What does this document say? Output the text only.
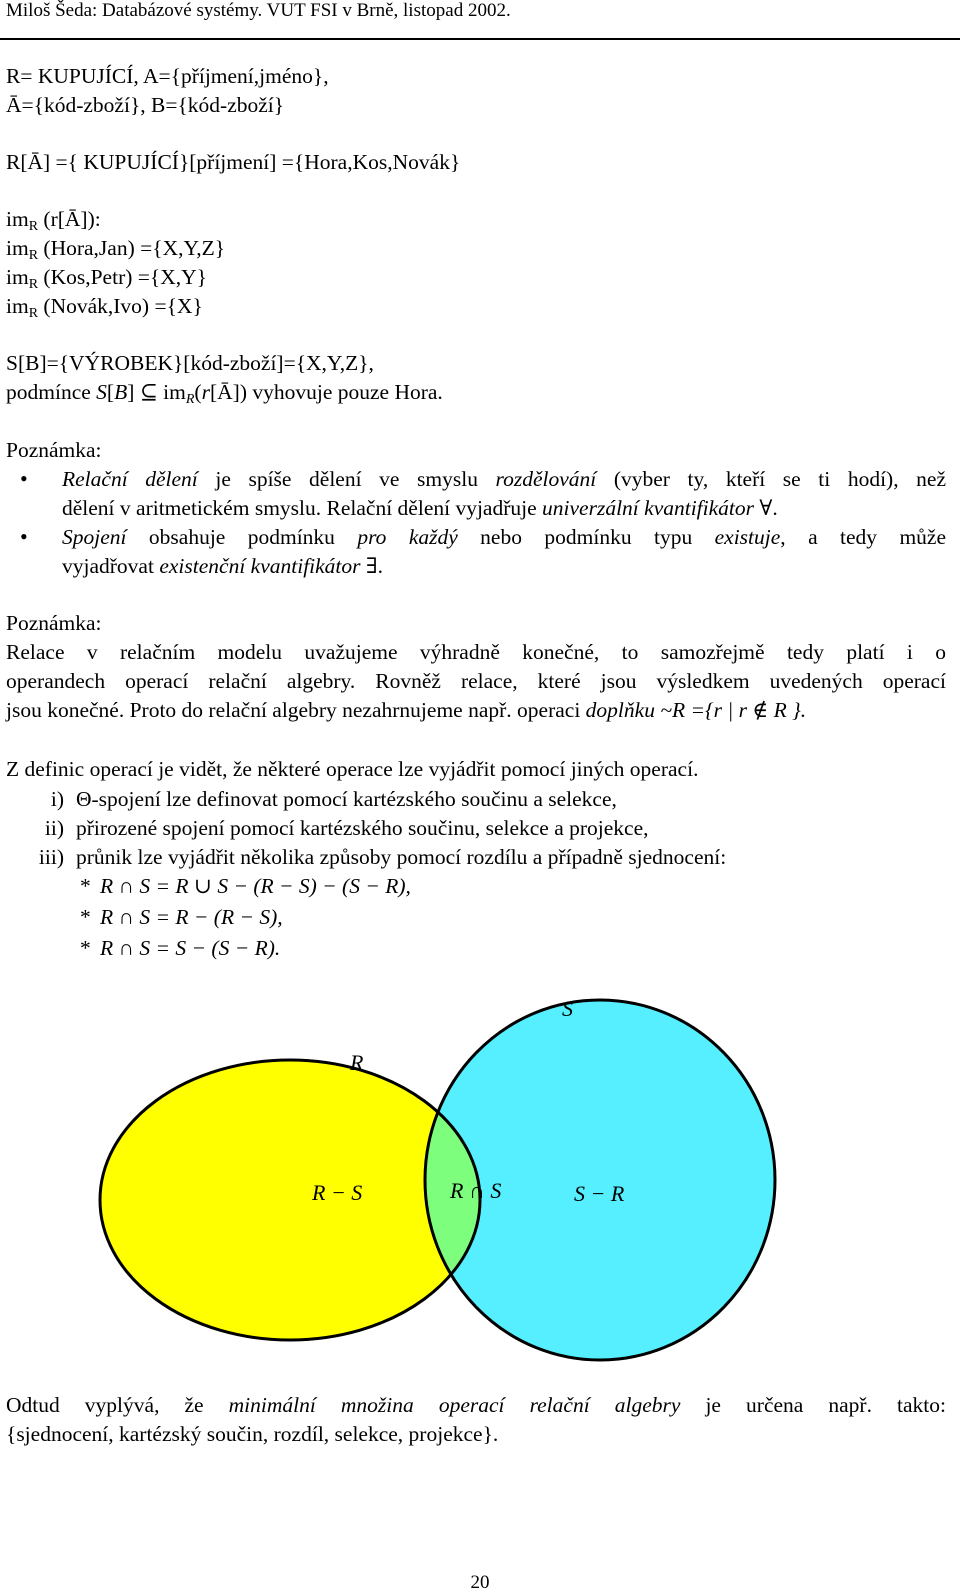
Miloš Šeda: Databázové systémy. VUT FSI v Brně, listopad 2002.
R= KUPUJÍCÍ, A={příjmení,jméno},
Ā={kód-zboží}, B={kód-zboží}
R[Ā] ={ KUPUJÍCÍ}[příjmení] ={Hora,Kos,Novák}
$im_R$ (r[Ā]):
$im_R$ (Hora,Jan) ={X,Y,Z}
$im_R$ (Kos,Petr) ={X,Y}
$im_R$ (Novák,Ivo) ={X}
S[B]={VÝROBEK}[kód-zboží]={X,Y,Z},
podmínce S[B] ⊆ $im_R(r[Ā])$ vyhovuje pouze Hora.
Poznámka:
• Relační dělení je spíše dělení ve smyslu rozdělování (vyber ty, kteří se ti hodí), než
dělení v aritmetickém smyslu. Relační dělení vyjadřuje univerzální kvantifikátor ∀.
• Spojení obsahuje podmínku pro každý nebo podmínku typu existuje, a tedy může
vyjadřovat existenční kvantifikátor ∃.
Poznámka:
Relace v relačním modelu uvažujeme výhradně konečné, to samozřejmě tedy platí i o
operandech operací relační algebry. Rovněž relace, které jsou výsledkem uvedených operací
jsou konečné. Proto do relační algebry nezahrnujeme např. operaci doplňku ~R ={r | r ∉ R }.
Z definic operací je vidět, že některé operace lze vyjádřit pomocí jiných operací.
i) Θ-spojení lze definovat pomocí kartézského součinu a selekce,
ii) přirozené spojení pomocí kartézského součinu, selekce a projekce,
iii) průnik lze vyjádřit několika způsoby pomocí rozdílu a případně sjednocení:
* R ∩ S = R ∪ S − (R − S) − (S − R),
* R ∩ S = R − (R − S),
* R ∩ S = S − (S − R).
R
S
R − S	R ∩ S	S − R
Odtud vyplývá, že minimální množina operací relační algebry je určena např. takto:
{sjednocení, kartézský součin, rozdíl, selekce, projekce}.
20
